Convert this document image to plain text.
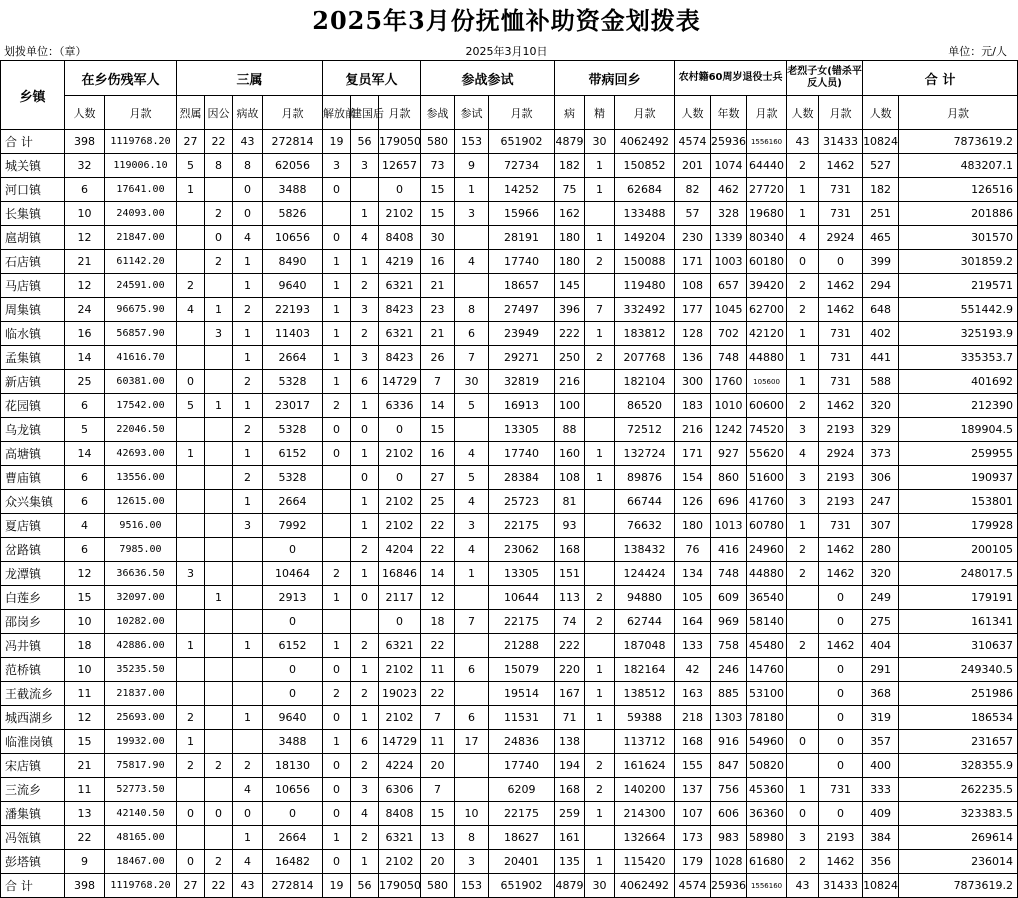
2025年3月份抚恤补助资金划拨表
划拨单位：（章）	2025年3月10日	单位：元/人
乡镇	在乡伤残军人		三属				复员军人			参战参试			带病回乡			农村籍60周岁退役士兵			老烈子女(错杀平反人员)		合 计	
	人数	月款	烈属	因公	病故	月款	解放前	建国后	月款	参战	参试	月款	病	精	月款	人数	年数	月款	人数	月款	人数	月款
合 计	398	1119768.20	27	22	43	272814	19	56	179050	580	153	651902	4879	30	4062492	4574	25936	1556160	43	31433	10824	7873619.2
城关镇	32	119006.10	5	8	8	62056	3	3	12657	73	9	72734	182	1	150852	201	1074	64440	2	1462	527	483207.1
河口镇	6	17641.00	1		0	3488	0		0	15	1	14252	75	1	62684	82	462	27720	1	731	182	126516
长集镇	10	24093.00		2	0	5826		1	2102	15	3	15966	162		133488	57	328	19680	1	731	251	201886
扈胡镇	12	21847.00		0	4	10656	0	4	8408	30		28191	180	1	149204	230	1339	80340	4	2924	465	301570
石店镇	21	61142.20		2	1	8490	1	1	4219	16	4	17740	180	2	150088	171	1003	60180	0	0	399	301859.2
马店镇	12	24591.00	2		1	9640	1	2	6321	21		18657	145		119480	108	657	39420	2	1462	294	219571
周集镇	24	96675.90	4	1	2	22193	1	3	8423	23	8	27497	396	7	332492	177	1045	62700	2	1462	648	551442.9
临水镇	16	56857.90		3	1	11403	1	2	6321	21	6	23949	222	1	183812	128	702	42120	1	731	402	325193.9
孟集镇	14	41616.70			1	2664	1	3	8423	26	7	29271	250	2	207768	136	748	44880	1	731	441	335353.7
新店镇	25	60381.00	0		2	5328	1	6	14729	7	30	32819	216		182104	300	1760	105600	1	731	588	401692
花园镇	6	17542.00	5	1	1	23017	2	1	6336	14	5	16913	100		86520	183	1010	60600	2	1462	320	212390
乌龙镇	5	22046.50			2	5328	0	0	0	15		13305	88		72512	216	1242	74520	3	2193	329	189904.5
高塘镇	14	42693.00	1		1	6152	0	1	2102	16	4	17740	160	1	132724	171	927	55620	4	2924	373	259955
曹庙镇	6	13556.00			2	5328		0	0	27	5	28384	108	1	89876	154	860	51600	3	2193	306	190937
众兴集镇	6	12615.00			1	2664		1	2102	25	4	25723	81		66744	126	696	41760	3	2193	247	153801
夏店镇	4	9516.00			3	7992		1	2102	22	3	22175	93		76632	180	1013	60780	1	731	307	179928
岔路镇	6	7985.00				0		2	4204	22	4	23062	168		138432	76	416	24960	2	1462	280	200105
龙潭镇	12	36636.50	3			10464	2	1	16846	14	1	13305	151		124424	134	748	44880	2	1462	320	248017.5
白莲乡	15	32097.00		1		2913	1	0	2117	12		10644	113	2	94880	105	609	36540		0	249	179191
邵岗乡	10	10282.00				0			0	18	7	22175	74	2	62744	164	969	58140		0	275	161341
冯井镇	18	42886.00	1		1	6152	1	2	6321	22		21288	222		187048	133	758	45480	2	1462	404	310637
范桥镇	10	35235.50				0	0	1	2102	11	6	15079	220	1	182164	42	246	14760		0	291	249340.5
王截流乡	11	21837.00				0	2	2	19023	22		19514	167	1	138512	163	885	53100		0	368	251986
城西湖乡	12	25693.00	2		1	9640	0	1	2102	7	6	11531	71	1	59388	218	1303	78180		0	319	186534
临淮岗镇	15	19932.00	1			3488	1	6	14729	11	17	24836	138		113712	168	916	54960	0	0	357	231657
宋店镇	21	75817.90	2	2	2	18130	0	2	4224	20		17740	194	2	161624	155	847	50820		0	400	328355.9
三流乡	11	52773.50			4	10656	0	3	6306	7		6209	168	2	140200	137	756	45360	1	731	333	262235.5
潘集镇	13	42140.50	0	0	0	0	0	4	8408	15	10	22175	259	1	214300	107	606	36360	0	0	409	323383.5
冯瓴镇	22	48165.00			1	2664	1	2	6321	13	8	18627	161		132664	173	983	58980	3	2193	384	269614
彭塔镇	9	18467.00	0	2	4	16482	0	1	2102	20	3	20401	135	1	115420	179	1028	61680	2	1462	356	236014
合 计	398	1119768.20	27	22	43	272814	19	56	179050	580	153	651902	4879	30	4062492	4574	25936	1556160	43	31433	10824	7873619.2
